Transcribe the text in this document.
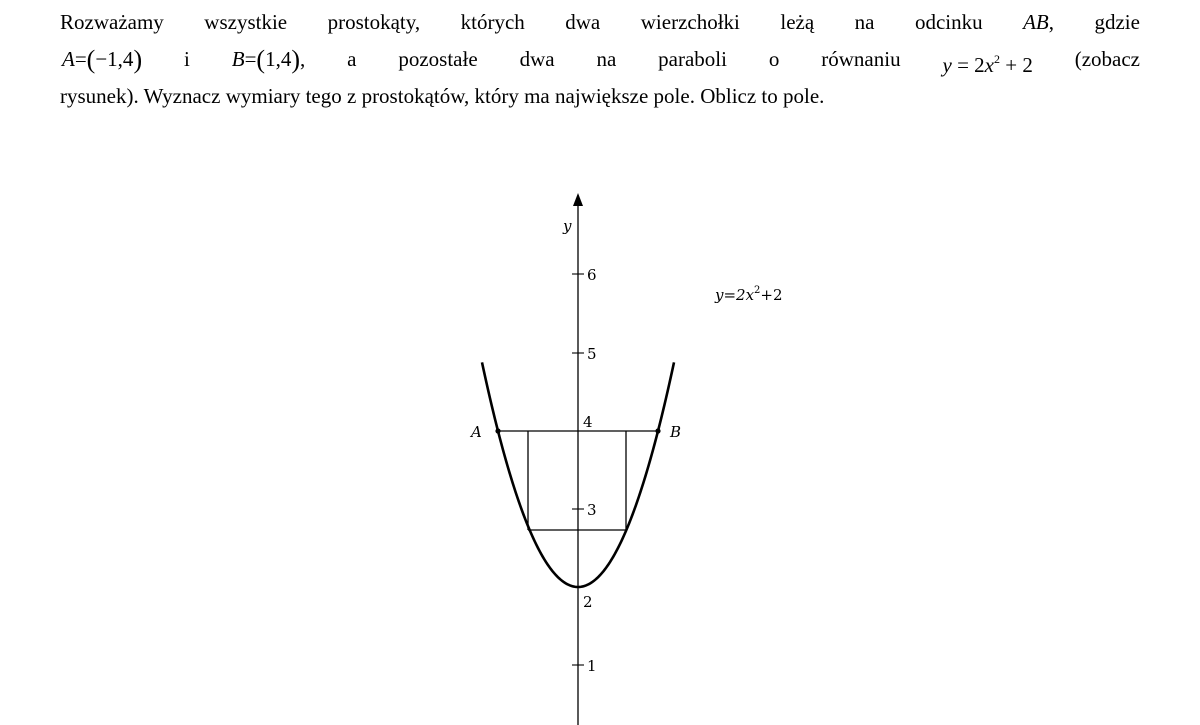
Rozważamy wszystkie prostokąty, których dwa wierzchołki leżą na odcinku AB, gdzie
A=(−1,4) i B=(1,4), a pozostałe dwa na paraboli o równaniu $y = 2x^2 + 2$ (zobacz
rysunek). Wyznacz wymiary tego z prostokątów, który ma największe pole. Oblicz to pole.
y
6
5
4
3
2
1
A	B
$y=2x^2+2$
